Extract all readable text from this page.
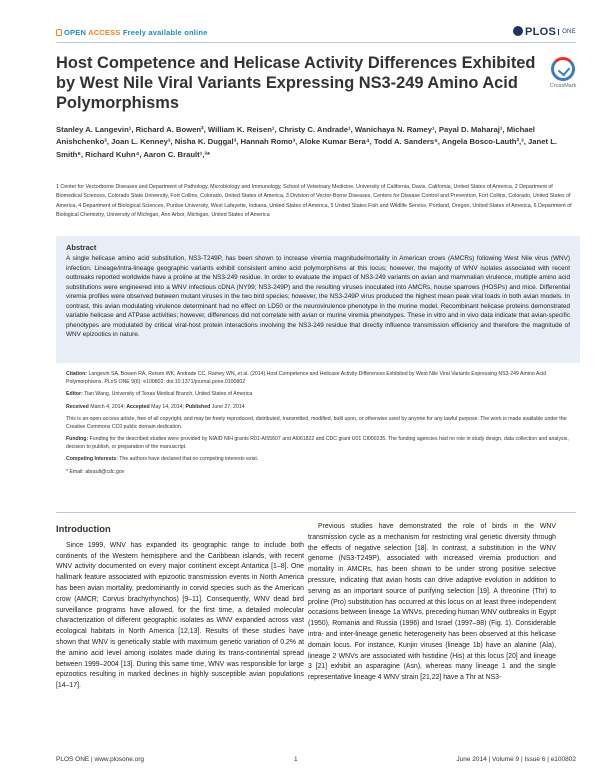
OPEN ACCESS Freely available online	PLOS ONE
Host Competence and Helicase Activity Differences Exhibited by West Nile Viral Variants Expressing NS3-249 Amino Acid Polymorphisms
CrossMark
Stanley A. Langevin¹, Richard A. Bowen², William K. Reisen¹, Christy C. Andrade¹, Wanichaya N. Ramey¹, Payal D. Maharaj¹, Michael Anishchenko³, Joan L. Kenney³, Nisha K. Duggal³, Hannah Romo³, Aloke Kumar Bera⁴, Todd A. Sanders⁵, Angela Bosco-Lauth²,³, Janet L. Smith⁶, Richard Kuhn⁴, Aaron C. Brault¹,³*
1 Center for Vectorborne Diseases and Department of Pathology, Microbiology and Immunology, School of Veterinary Medicine, University of California, Davis, California, United States of America, 2 Department of Biomedical Sciences, Colorado State University, Fort Collins, Colorado, United States of America, 3 Division of Vector-Borne Diseases, Centers for Disease Control and Prevention, Fort Collins, Colorado, United States of America, 4 Department of Biological Sciences, Purdue University, West Lafayette, Indiana, United States of America, 5 United States Fish and Wildlife Service, Portland, Oregon, United States of America, 6 Department of Biological Chemistry, University of Michigan, Ann Arbor, Michigan, United States of America
Abstract

A single helicase amino acid substitution, NS3-T249P, has been shown to increase viremia magnitude/mortality in American crows (AMCRs) following West Nile virus (WNV) infection. Lineage/intra-lineage geographic variants exhibit consistent amino acid polymorphisms at this locus; however, the majority of WNV isolates associated with recent outbreaks reported worldwide have a proline at the NS3-249 residue. In order to evaluate the impact of NS3-249 variants on avian and mammalian virulence, multiple amino acid substitutions were engineered into a WNV infectious cDNA (NY99; NS3-249P) and the resulting viruses inoculated into AMCRs, house sparrows (HOSPs) and mice. Differential viremia profiles were observed between mutant viruses in the two bird species; however, the NS3-249P virus produced the highest mean peak viral loads in both avian models. In contrast, this avian modulating virulence determinant had no effect on LD50 or the neurovirulence phenotype in the murine model. Recombinant helicase proteins demonstrated variable helicase and ATPase activities; however, differences did not correlate with avian or murine viremia phenotypes. These in vitro and in vivo data indicate that avian-specific phenotypes are modulated by critical viral-host protein interactions involving the NS3-249 residue that directly influence transmission efficiency and therefore the magnitude of WNV epizootics in nature.

Citation: Langevin SA, Bowen RA, Reisen WK, Andrade CC, Ramey WN, et al. (2014) Host Competence and Helicase Activity Differences Exhibited by West Nile Viral Variants Expressing NS3-249 Amino Acid Polymorphisms. PLoS ONE 9(6): e100802. doi:10.1371/journal.pone.0100802

Editor: Tian Wang, University of Texas Medical Branch, United States of America

Received March 4, 2014; Accepted May 14, 2014; Published June 27, 2014

This is an open-access article, free of all copyright, and may be freely reproduced, distributed, transmitted, modified, built upon, or otherwise used by anyone for any lawful purpose. The work is made available under the Creative Commons CC0 public domain dedication.

Funding: Funding for the described studies were provided by NIAID NIH grants R01-AI55607 and AI061822 and CDC grant U01 CI000235. The funding agencies had no role in study design, data collection and analysis, decision to publish, or preparation of the manuscript.

Competing Interests: The authors have declared that no competing interests exist.

* Email: abrault@cdc.gov

Introduction

Since 1999, WNV has expanded its geographic range to include both continents of the Western hemisphere and the Caribbean islands, with recent WNV activity documented on every major continent except Antartica [1–8]. One hallmark feature associated with epizootic transmission events in North America has been avian mortality, predominantly in corvid species such as the American crow (AMCR; Corvus brachyrhynchos) [9–11]. Consequently, WNV dead bird surveillance programs have allowed, for the first time, a detailed molecular characterization of different geographic isolates as WNV expanded across vast ecological habitats in North America [12,13]. Results of these studies have shown that WNV is genetically stable with maximum genetic variation of 0.2% at the amino acid level among isolates made during its trans-continental spread between 1999–2004 [13]. During this same time, WNV was responsible for large epizootics resulting in marked declines in highly susceptible avian populations [14–17].

Previous studies have demonstrated the role of birds in the WNV transmission cycle as a mechanism for restricting viral genetic diversity through the effects of negative selection [18]. In contrast, a substitution in the WNV genome (NS3-T249P), associated with increased viremia production and mortality in AMCRs, has been shown to be under strong positive selective pressure, indicating that avian hosts can drive adaptive evolution in addition to serving as an important source of purifying selection [19]. A threonine (Thr) to proline (Pro) substitution has occurred at this locus on at least three independent occasions between lineage 1a WNVs, preceding human WNV outbreaks in Egypt (1950), Romania and Russia (1996) and Israel (1997–98) (Fig. 1). Considerable intra- and inter-lineage genetic heterogeneity has been observed at this helicase domain locus. For instance, Kunjin viruses (lineage 1b) have an alanine (Ala), lineage 2 WNVs are associated with histidine (His) at this locus [20] and lineage 3 [21] exhibit an asparagine (Asn), whereas many lineage 1 and the single representative lineage 4 WNV strain [21,22] have a Thr at NS3-

PLOS ONE | www.plosone.org	1	June 2014 | Volume 9 | Issue 6 | e100802
